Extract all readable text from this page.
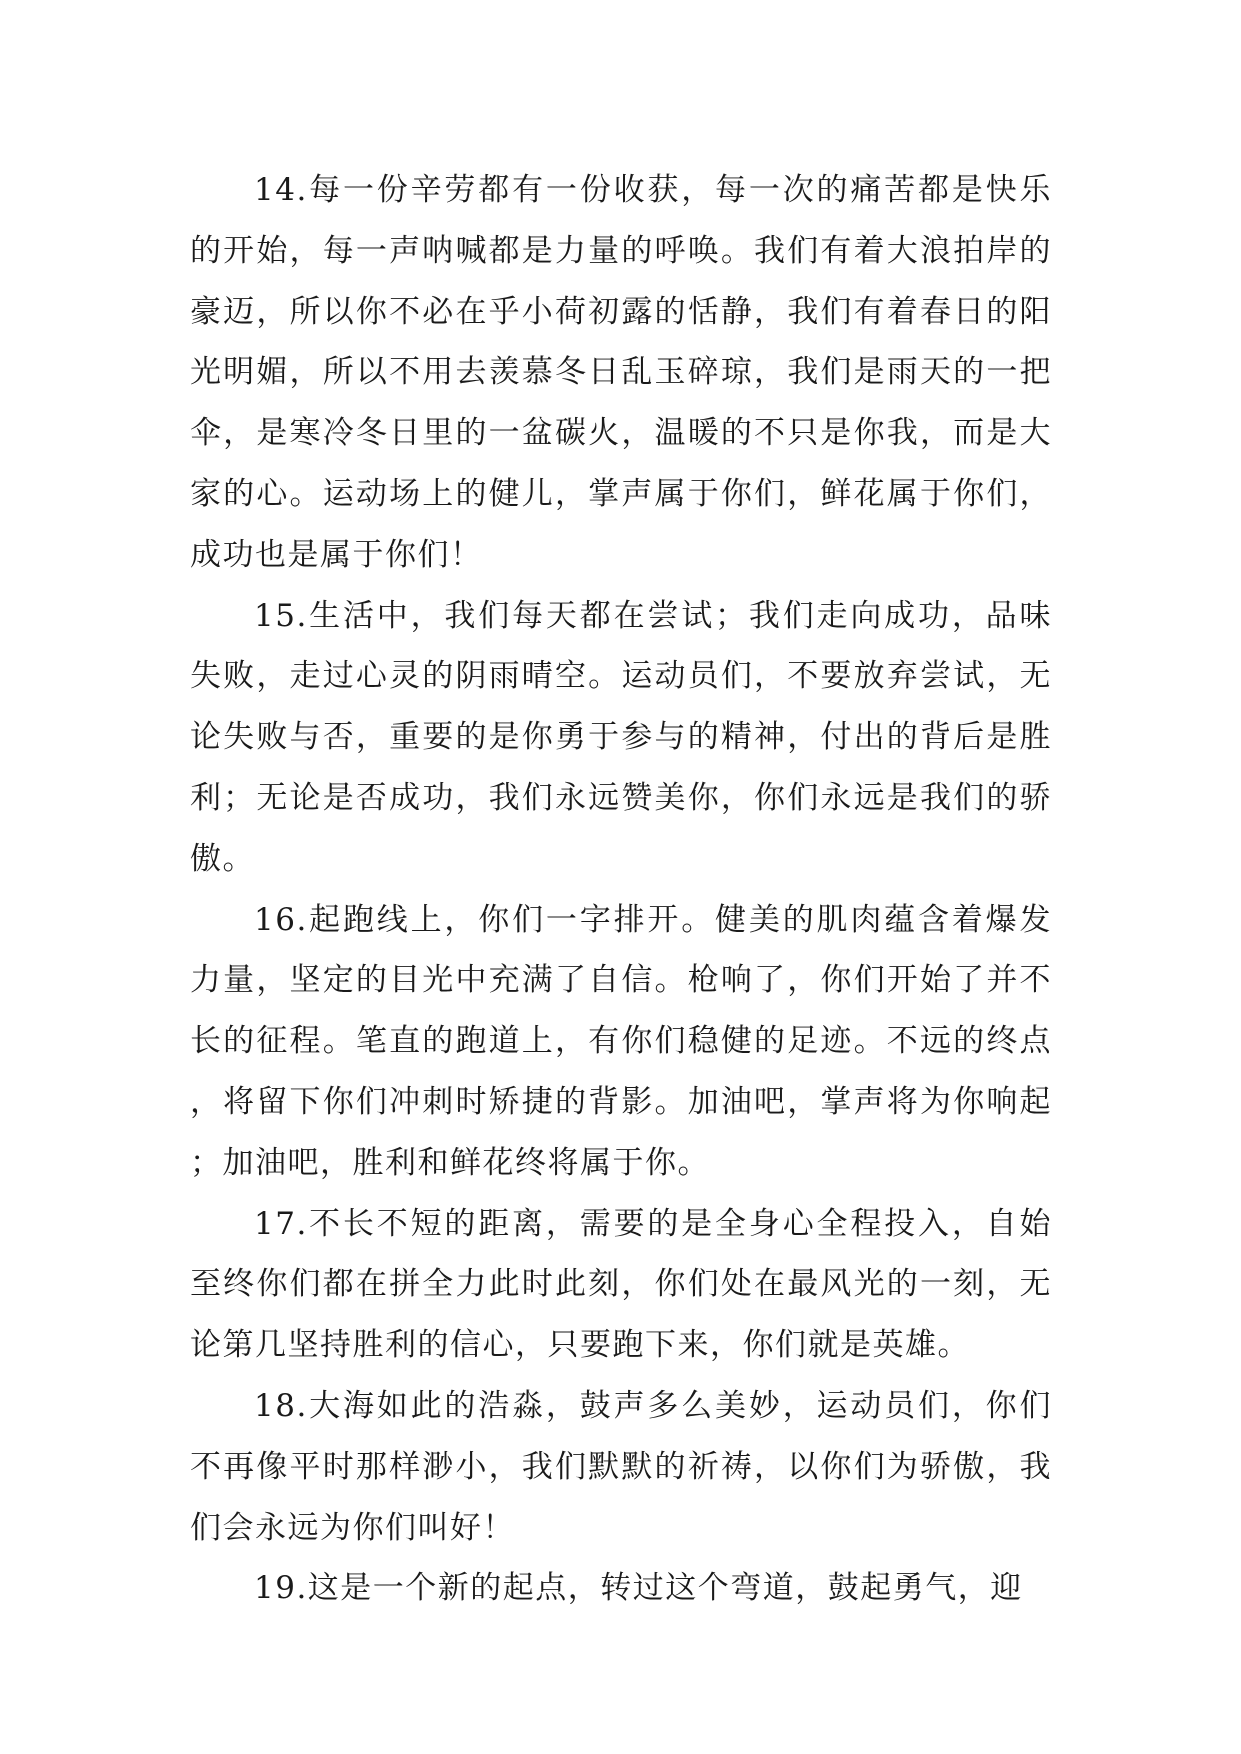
14.每一份辛劳都有一份收获，每一次的痛苦都是快乐的开始，每一声呐喊都是力量的呼唤。我们有着大浪拍岸的豪迈，所以你不必在乎小荷初露的恬静，我们有着春日的阳光明媚，所以不用去羡慕冬日乱玉碎琼，我们是雨天的一把伞，是寒冷冬日里的一盆碳火，温暖的不只是你我，而是大家的心。运动场上的健儿，掌声属于你们，鲜花属于你们，成功也是属于你们！

15.生活中，我们每天都在尝试；我们走向成功，品味失败，走过心灵的阴雨晴空。运动员们，不要放弃尝试，无论失败与否，重要的是你勇于参与的精神，付出的背后是胜利；无论是否成功，我们永远赞美你，你们永远是我们的骄傲。

16.起跑线上，你们一字排开。健美的肌肉蕴含着爆发力量，坚定的目光中充满了自信。枪响了，你们开始了并不长的征程。笔直的跑道上，有你们稳健的足迹。不远的终点，将留下你们冲刺时矫捷的背影。加油吧，掌声将为你响起；加油吧，胜利和鲜花终将属于你。

17.不长不短的距离，需要的是全身心全程投入，自始至终你们都在拼全力此时此刻，你们处在最风光的一刻，无论第几坚持胜利的信心，只要跑下来，你们就是英雄。

18.大海如此的浩淼，鼓声多么美妙，运动员们，你们不再像平时那样渺小，我们默默的祈祷，以你们为骄傲，我们会永远为你们叫好！

19.这是一个新的起点，转过这个弯道，鼓起勇气，迎
